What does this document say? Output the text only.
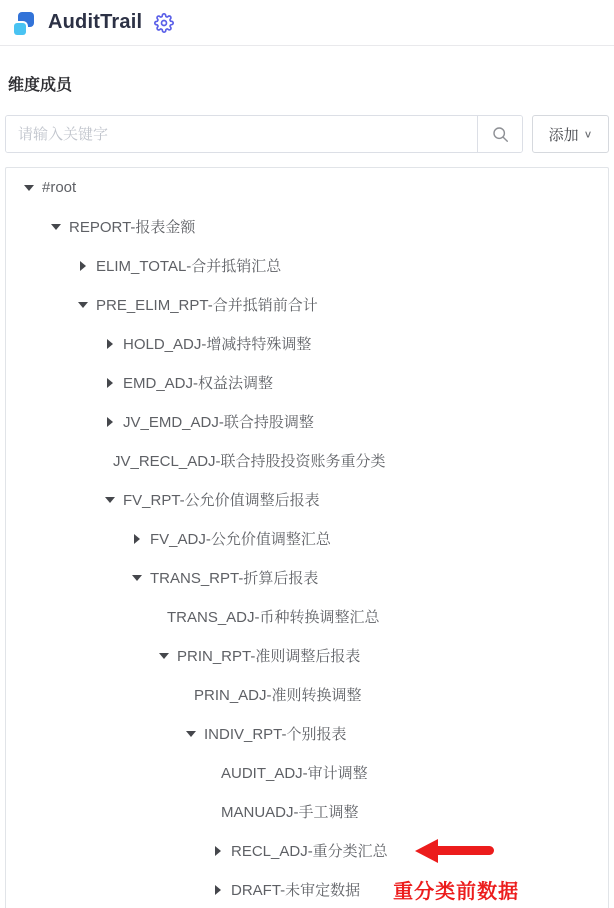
AuditTrail
维度成员
请输入关键字
添加 ∨
#root
REPORT-报表金额
ELIM_TOTAL-合并抵销汇总
PRE_ELIM_RPT-合并抵销前合计
HOLD_ADJ-增减持特殊调整
EMD_ADJ-权益法调整
JV_EMD_ADJ-联合持股调整
JV_RECL_ADJ-联合持股投资账务重分类
FV_RPT-公允价值调整后报表
FV_ADJ-公允价值调整汇总
TRANS_RPT-折算后报表
TRANS_ADJ-币种转换调整汇总
PRIN_RPT-准则调整后报表
PRIN_ADJ-准则转换调整
INDIV_RPT-个别报表
AUDIT_ADJ-审计调整
MANUADJ-手工调整
RECL_ADJ-重分类汇总
DRAFT-未审定数据 重分类前数据
